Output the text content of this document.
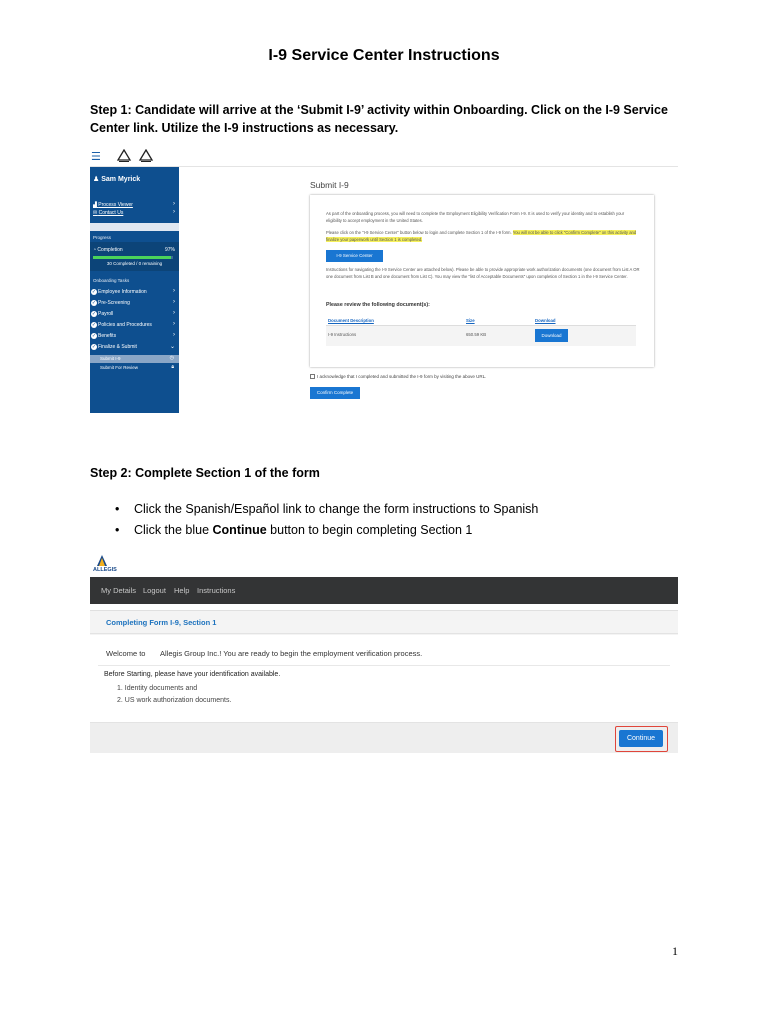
I-9 Service Center Instructions
Step 1: Candidate will arrive at the ‘Submit I-9’ activity within Onboarding. Click on the I-9 Service Center link. Utilize the I-9 instructions as necessary.
☰
♟ Sam Myrick
▟ Process Viewer	›
✉ Contact Us	›
Progress
◔ Completion	97%
30 Completed / 0 remaining
Onboarding Tasks
✓ Employee Information	›
✓ Pre-Screening	›
✓ Payroll	›
✓ Policies and Procedures	›
✓ Benefits	›
✓ Finalize & Submit	⌄
Submit I-9	◷
Submit For Review	🔒︎
Submit I-9
As part of the onboarding process, you will need to complete the Employment Eligibility Verification Form I-9. It is used to verify your identity and to establish your eligibility to accept employment in the United States.
Please click on the "I-9 Service Center" button below to login and complete Section 1 of the I-9 form. You will not be able to click "Confirm Complete" on this activity and finalize your paperwork until Section 1 is completed.
I-9 Service Center
Instructions for navigating the I-9 Service Center are attached below). Please be able to provide appropriate work authorization documents (one document from List A OR one document from List B and one document from List C). You may view the "list of Acceptable Documents" upon completion of Section 1 in the I-9 Service Center.
Please review the following document(s):
Document Description	Size	Download
I-9 Instructions	650.59 KB	Download
I acknowledge that I completed and submitted the I-9 form by visiting the above URL.
Confirm Complete
Step 2: Complete Section 1 of the form
• Click the Spanish/Español link to change the form instructions to Spanish
• Click the blue Continue button to begin completing Section 1
ALLEGIS
My Details Logout Help Instructions
Completing Form I-9, Section 1
Welcome to Allegis Group Inc.! You are ready to begin the employment verification process.
Before Starting, please have your identification available.
1. Identity documents and
2. US work authorization documents.
Continue
1
